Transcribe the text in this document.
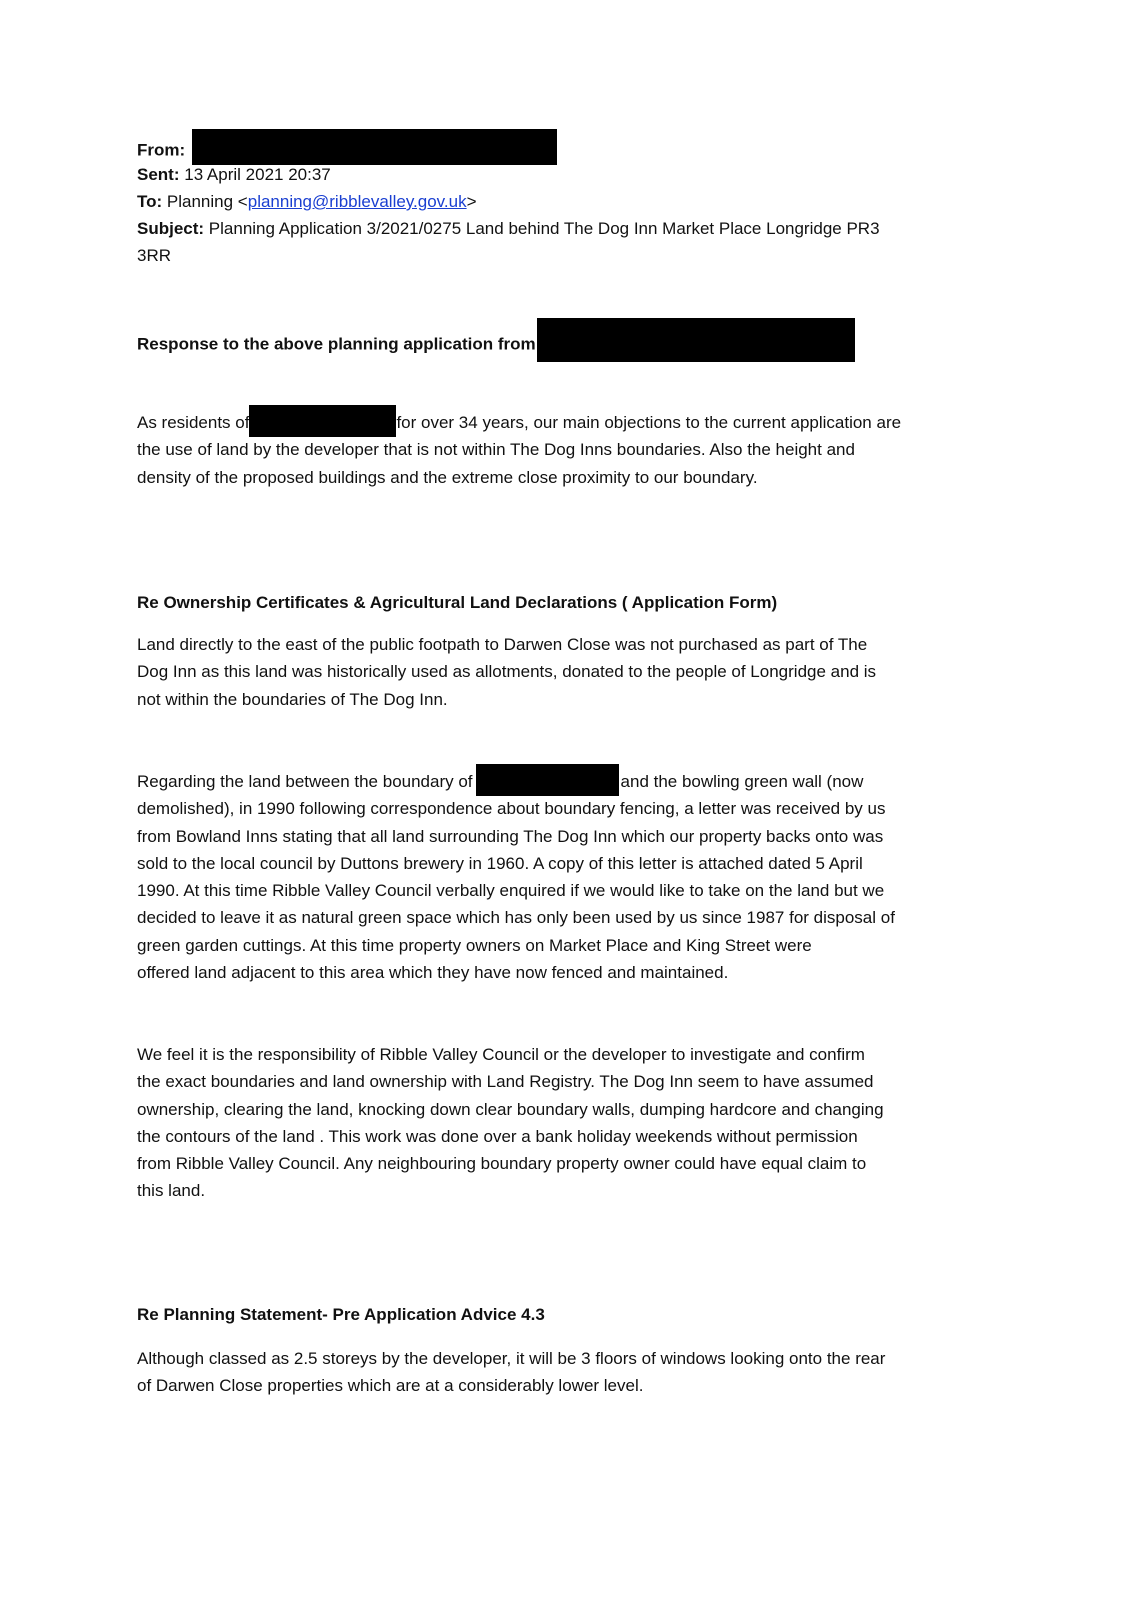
From:
Sent: 13 April 2021 20:37
To: Planning <planning@ribblevalley.gov.uk>
Subject: Planning Application 3/2021/0275 Land behind The Dog Inn Market Place Longridge PR3
3RR
Response to the above planning application from
As residents of	for over 34 years, our main objections to the current application are
the use of land by the developer that is not within The Dog Inns boundaries. Also the height and
density of the proposed buildings and the extreme close proximity to our boundary.
Re Ownership Certificates & Agricultural Land Declarations ( Application Form)
Land directly to the east of the public footpath to Darwen Close was not purchased as part of The
Dog Inn as this land was historically used as allotments, donated to the people of Longridge and is
not within the boundaries of The Dog Inn.
Regarding the land between the boundary of	and the bowling green wall (now
demolished), in 1990 following correspondence about boundary fencing, a letter was received by us
from Bowland Inns stating that all land surrounding The Dog Inn which our property backs onto was
sold to the local council by Duttons brewery in 1960. A copy of this letter is attached dated 5 April
1990. At this time Ribble Valley Council verbally enquired if we would like to take on the land but we
decided to leave it as natural green space which has only been used by us since 1987 for disposal of
green garden cuttings. At this time property owners on Market Place and King Street were
offered land adjacent to this area which they have now fenced and maintained.
We feel it is the responsibility of Ribble Valley Council or the developer to investigate and confirm
the exact boundaries and land ownership with Land Registry. The Dog Inn seem to have assumed
ownership, clearing the land, knocking down clear boundary walls, dumping hardcore and changing
the contours of the land . This work was done over a bank holiday weekends without permission
from Ribble Valley Council. Any neighbouring boundary property owner could have equal claim to
this land.
Re Planning Statement- Pre Application Advice 4.3
Although classed as 2.5 storeys by the developer, it will be 3 floors of windows looking onto the rear
of Darwen Close properties which are at a considerably lower level.
